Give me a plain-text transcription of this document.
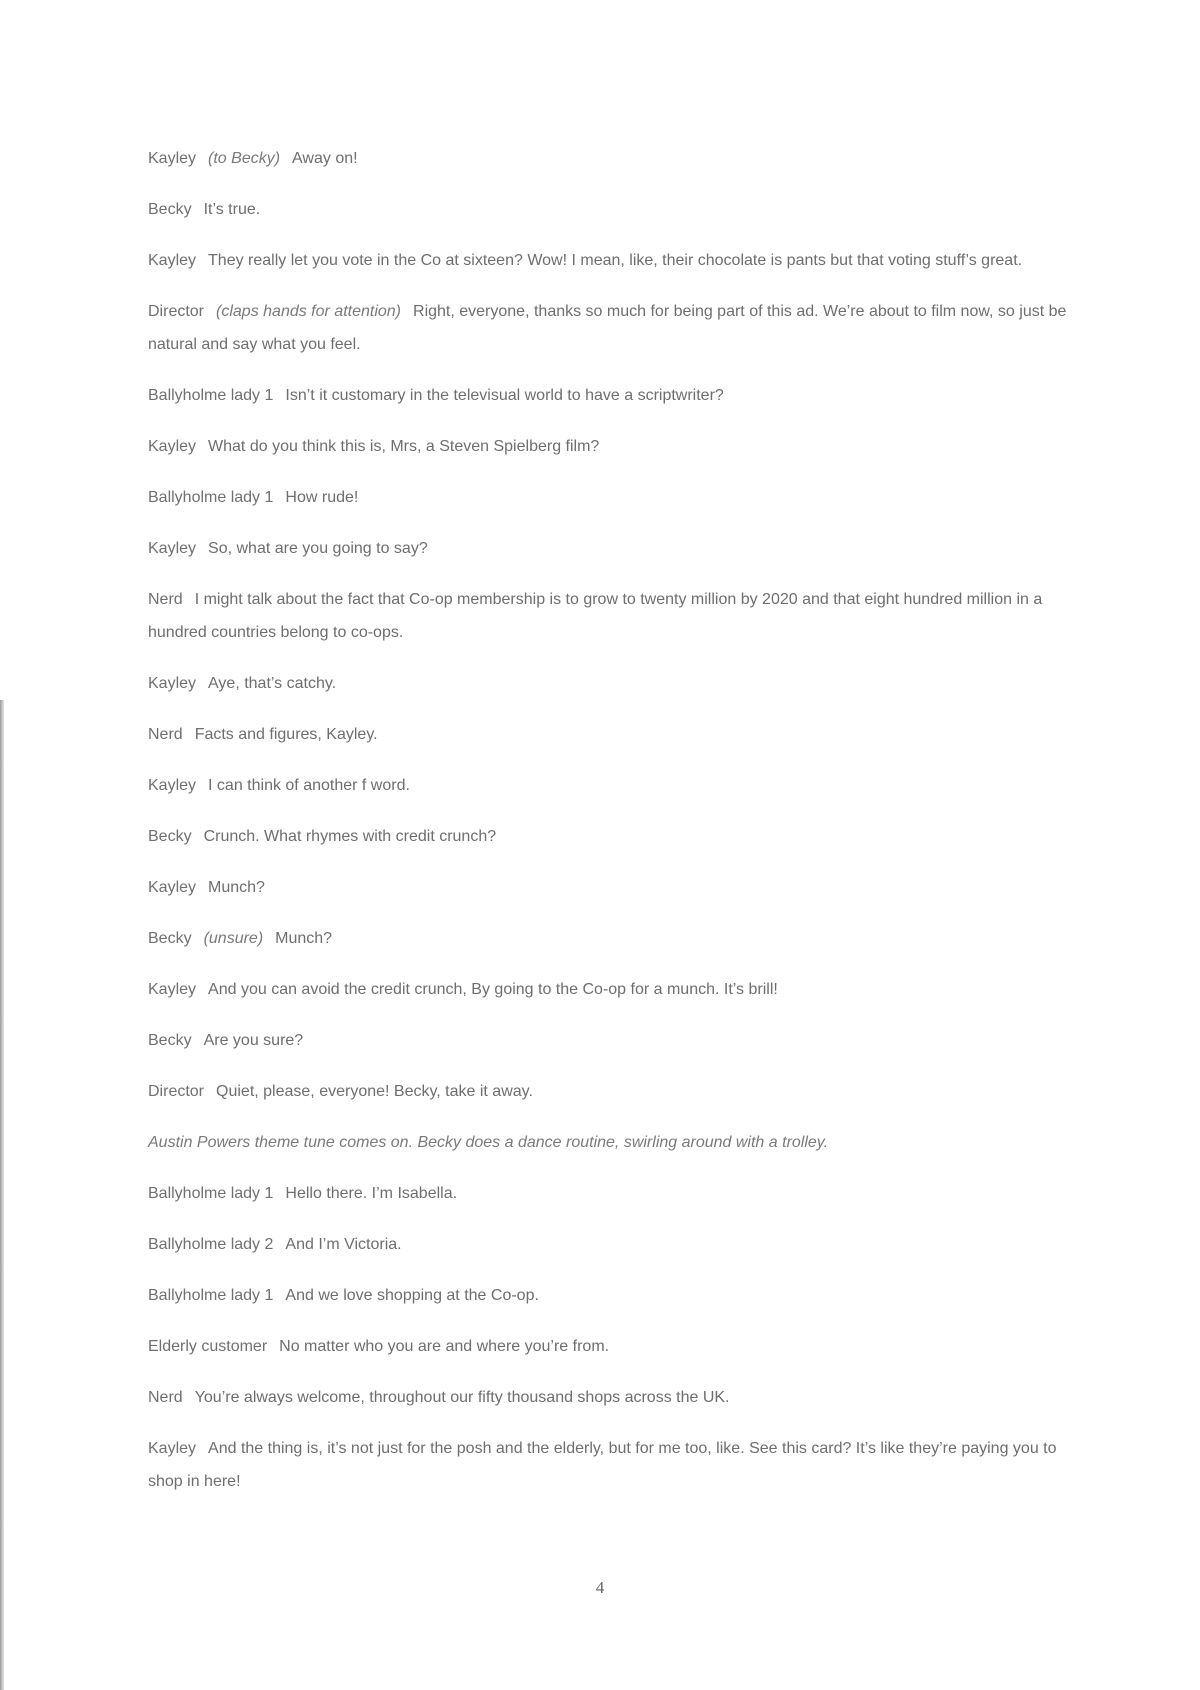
Kayley (to Becky) Away on!
Becky It’s true.
Kayley They really let you vote in the Co at sixteen? Wow! I mean, like, their chocolate is pants but that voting stuff’s great.
Director (claps hands for attention) Right, everyone, thanks so much for being part of this ad. We’re about to film now, so just be natural and say what you feel.
Ballyholme lady 1 Isn’t it customary in the televisual world to have a scriptwriter?
Kayley What do you think this is, Mrs, a Steven Spielberg film?
Ballyholme lady 1 How rude!
Kayley So, what are you going to say?
Nerd I might talk about the fact that Co-op membership is to grow to twenty million by 2020 and that eight hundred million in a hundred countries belong to co-ops.
Kayley Aye, that’s catchy.
Nerd Facts and figures, Kayley.
Kayley I can think of another f word.
Becky Crunch. What rhymes with credit crunch?
Kayley Munch?
Becky (unsure) Munch?
Kayley And you can avoid the credit crunch, By going to the Co-op for a munch. It’s brill!
Becky Are you sure?
Director Quiet, please, everyone! Becky, take it away.
Austin Powers theme tune comes on. Becky does a dance routine, swirling around with a trolley.
Ballyholme lady 1 Hello there. I’m Isabella.
Ballyholme lady 2 And I’m Victoria.
Ballyholme lady 1 And we love shopping at the Co-op.
Elderly customer No matter who you are and where you’re from.
Nerd You’re always welcome, throughout our fifty thousand shops across the UK.
Kayley And the thing is, it’s not just for the posh and the elderly, but for me too, like. See this card? It’s like they’re paying you to shop in here!
4
